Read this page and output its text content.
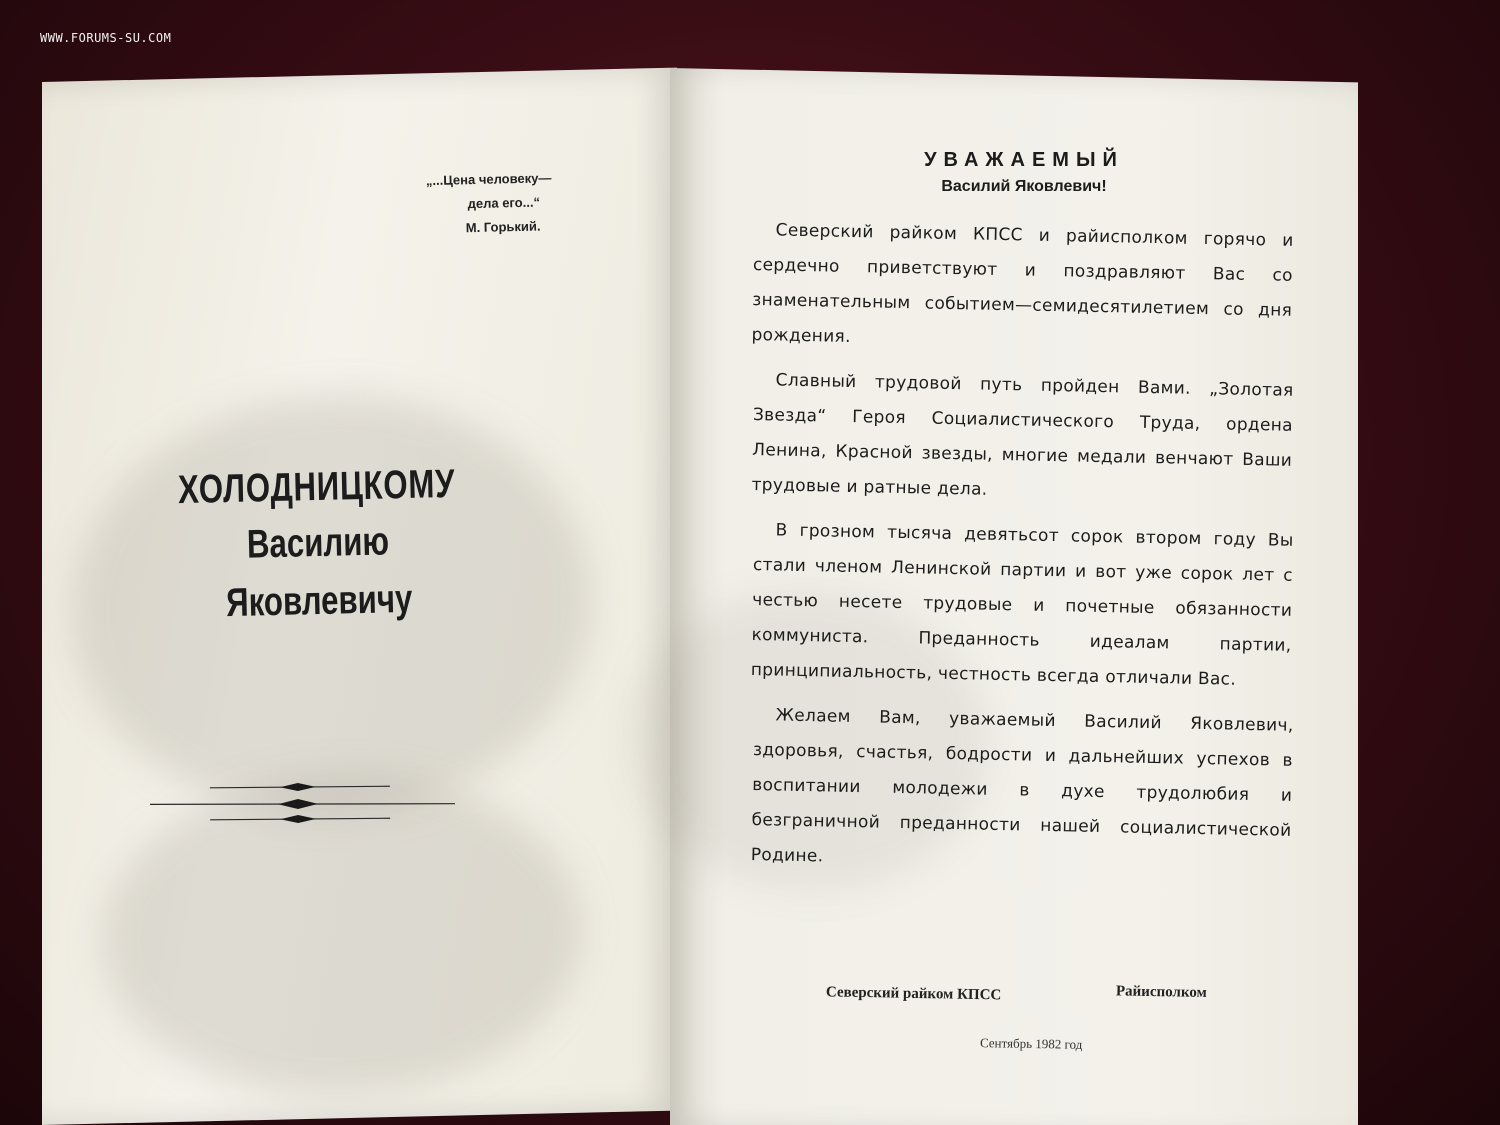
WWW.FORUMS-SU.COM
„...Цена человеку—
дела его...“
М. Горький.
ХОЛОДНИЦКОМУ
Василию Яковлевичу
УВАЖАЕМЫЙ
Василий Яковлевич!

Северский райком КПСС и райисполком горячо и сердечно приветствуют и поздравляют Вас со знаменательным событием—семидесятилетием со дня рождения.

Славный трудовой путь пройден Вами. „Золотая Звезда“ Героя Социалистического Труда, ордена Ленина, Красной звезды, многие медали венчают Ваши трудовые и ратные дела.

В грозном тысяча девятьсот сорок втором году Вы стали членом Ленинской партии и вот уже сорок лет с честью несете трудовые и почетные обязанности коммуниста. Преданность идеалам партии, принципиальность, честность всегда отличали Вас.

Желаем Вам, уважаемый Василий Яковлевич, здоровья, счастья, бодрости и дальнейших успехов в воспитании молодежи в духе трудолюбия и безграничной преданности нашей социалистической Родине.

Северский райком КПСС	Райисполком
Сентябрь 1982 год
